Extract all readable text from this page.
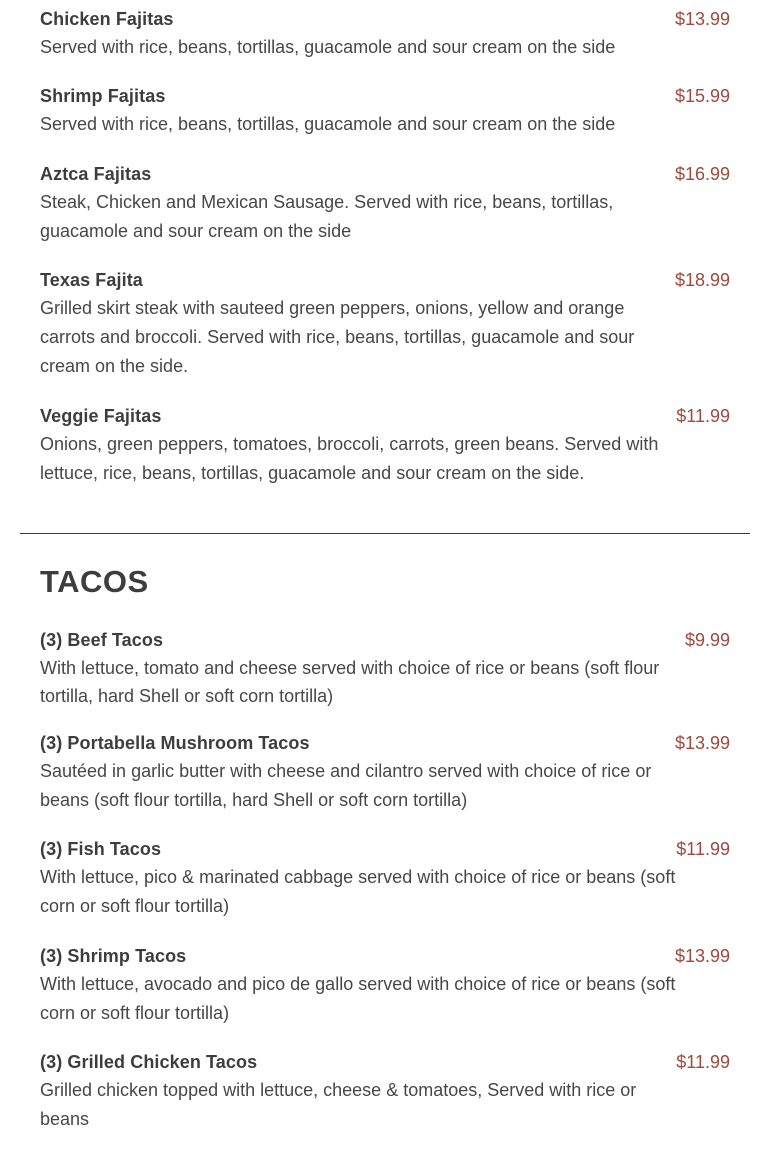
Chicken Fajitas	$13.99
Served with rice, beans, tortillas, guacamole and sour cream on the side
Shrimp Fajitas	$15.99
Served with rice, beans, tortillas, guacamole and sour cream on the side
Aztca Fajitas	$16.99
Steak, Chicken and Mexican Sausage. Served with rice, beans, tortillas, guacamole and sour cream on the side
Texas Fajita	$18.99
Grilled skirt steak with sauteed green peppers, onions, yellow and orange carrots and broccoli. Served with rice, beans, tortillas, guacamole and sour cream on the side.
Veggie Fajitas	$11.99
Onions, green peppers, tomatoes, broccoli, carrots, green beans. Served with lettuce, rice, beans, tortillas, guacamole and sour cream on the side.
TACOS
(3) Beef Tacos	$9.99
With lettuce, tomato and cheese served with choice of rice or beans (soft flour tortilla, hard Shell or soft corn tortilla)
(3) Portabella Mushroom Tacos	$13.99
Sautéed in garlic butter with cheese and cilantro served with choice of rice or beans (soft flour tortilla, hard Shell or soft corn tortilla)
(3) Fish Tacos	$11.99
With lettuce, pico & marinated cabbage served with choice of rice or beans (soft corn or soft flour tortilla)
(3) Shrimp Tacos	$13.99
With lettuce, avocado and pico de gallo served with choice of rice or beans (soft corn or soft flour tortilla)
(3) Grilled Chicken Tacos	$11.99
Grilled chicken topped with lettuce, cheese & tomatoes, Served with rice or beans
